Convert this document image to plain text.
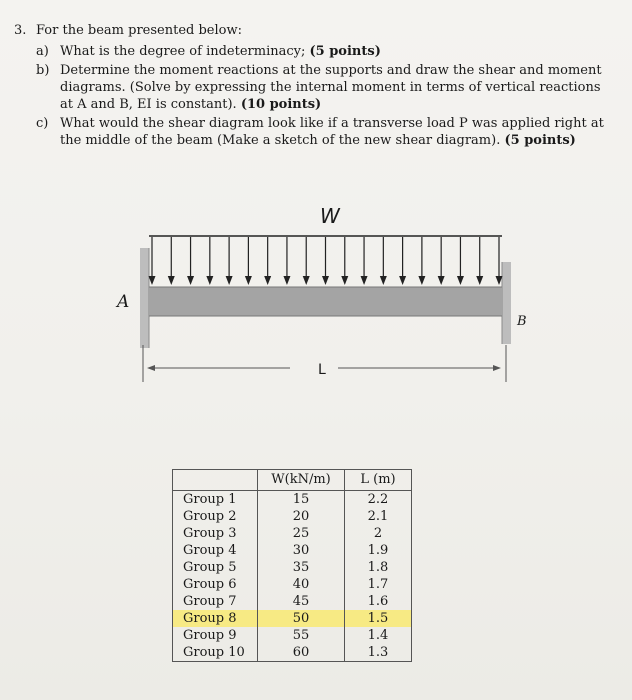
3. For the beam presented below:
a) What is the degree of indeterminacy; (5 points)
b) Determine the moment reactions at the supports and draw the shear and moment diagrams. (Solve by expressing the internal moment in terms of vertical reactions at A and B, EI is constant). (10 points)
c) What would the shear diagram look like if a transverse load P was applied right at the middle of the beam (Make a sketch of the new shear diagram). (5 points)
W
A
B
L
	W(kN/m)	L (m)
Group 1	15	2.2
Group 2	20	2.1
Group 3	25	2
Group 4	30	1.9
Group 5	35	1.8
Group 6	40	1.7
Group 7	45	1.6
Group 8	50	1.5
Group 9	55	1.4
Group 10	60	1.3
